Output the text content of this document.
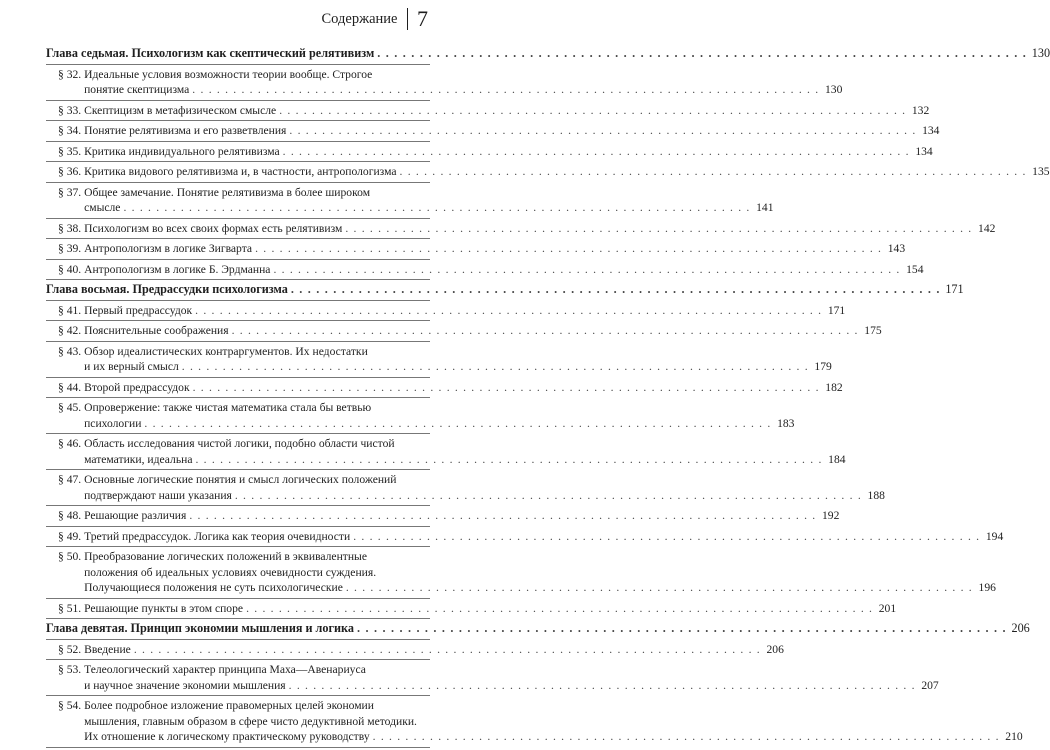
Содержание 7
Глава седьмая. Психологизм как скептический релятивизм . . .	130
§ 32. Идеальные условия возможности теории вообще. Строгое
понятие скептицизма . . .	130
§ 33. Скептицизм в метафизическом смысле . . .	132
§ 34. Понятие релятивизма и его разветвления . . .	134
§ 35. Критика индивидуального релятивизма . . .	134
§ 36. Критика видового релятивизма и, в частности, антропологизма . . .	135
§ 37. Общее замечание. Понятие релятивизма в более широком
смысле . . .	141
§ 38. Психологизм во всех своих формах есть релятивизм . . .	142
§ 39. Антропологизм в логике Зигварта . . .	143
§ 40. Антропологизм в логике Б. Эрдманна . . .	154
Глава восьмая. Предрассудки психологизма . . .	171
§ 41. Первый предрассудок . . .	171
§ 42. Пояснительные соображения . . .	175
§ 43. Обзор идеалистических контраргументов. Их недостатки
и их верный смысл . . .	179
§ 44. Второй предрассудок . . .	182
§ 45. Опровержение: также чистая математика стала бы ветвью
психологии . . .	183
§ 46. Область исследования чистой логики, подобно области чистой
математики, идеальна . . .	184
§ 47. Основные логические понятия и смысл логических положений
подтверждают наши указания . . .	188
§ 48. Решающие различия . . .	192
§ 49. Третий предрассудок. Логика как теория очевидности . . .	194
§ 50. Преобразование логических положений в эквивалентные
положения об идеальных условиях очевидности суждения.
Получающиеся положения не суть психологические . . .	196
§ 51. Решающие пункты в этом споре . . .	201
Глава девятая. Принцип экономии мышления и логика . . .	206
§ 52. Введение . . .	206
§ 53. Телеологический характер принципа Маха—Авенариуса
и научное значение экономии мышления . . .	207
§ 54. Более подробное изложение правомерных целей экономии
мышления, главным образом в сфере чисто дедуктивной методики.
Их отношение к логическому практическому руководству . . .	210
